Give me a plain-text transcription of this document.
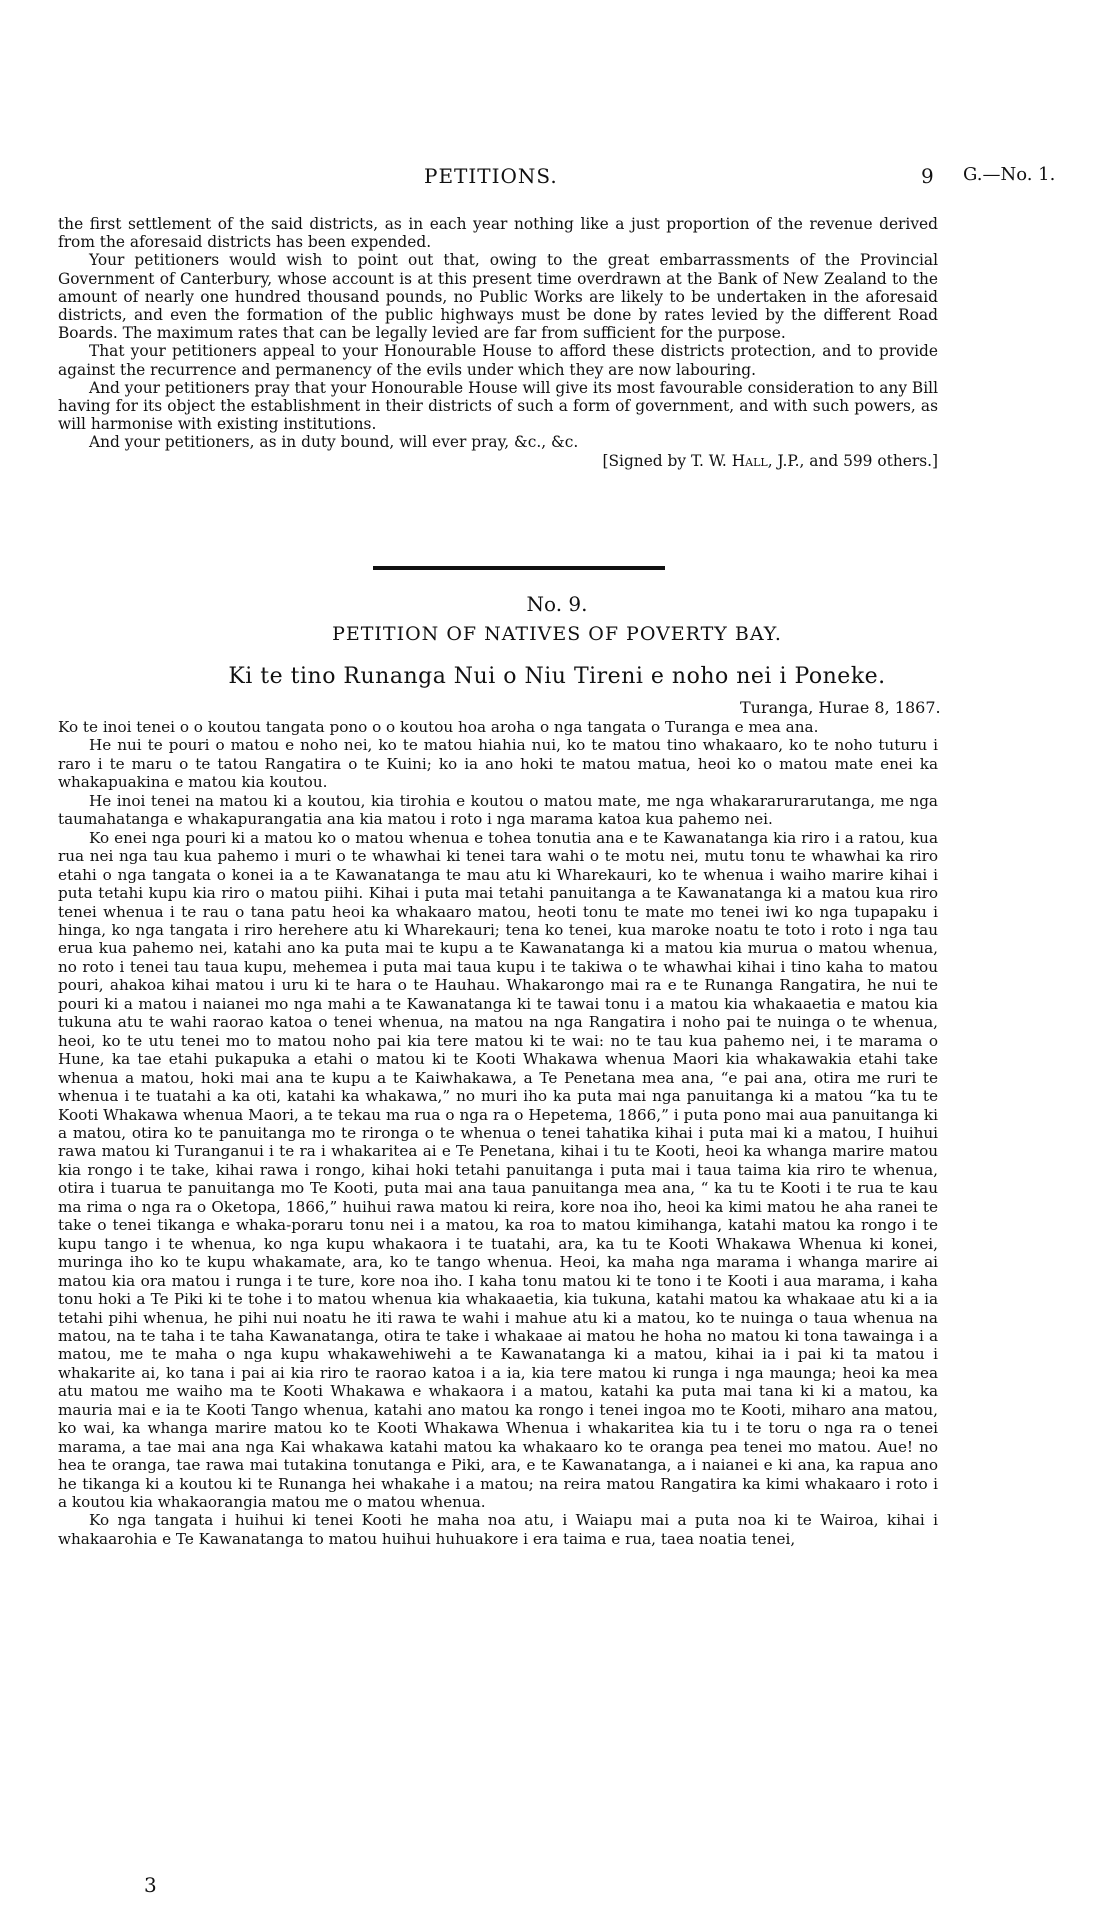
PETITIONS.	9 G.—No. 1.

the first settlement of the said districts, as in each year nothing like a just proportion of the revenue derived from the aforesaid districts has been expended.

Your petitioners would wish to point out that, owing to the great embarrassments of the Provincial Government of Canterbury, whose account is at this present time overdrawn at the Bank of New Zealand to the amount of nearly one hundred thousand pounds, no Public Works are likely to be undertaken in the aforesaid districts, and even the formation of the public highways must be done by rates levied by the different Road Boards. The maximum rates that can be legally levied are far from sufficient for the purpose.

That your petitioners appeal to your Honourable House to afford these districts protection, and to provide against the recurrence and permanency of the evils under which they are now labouring.

And your petitioners pray that your Honourable House will give its most favourable consideration to any Bill having for its object the establishment in their districts of such a form of government, and with such powers, as will harmonise with existing institutions.

And your petitioners, as in duty bound, will ever pray, &c., &c.

[Signed by T. W. Hall, J.P., and 599 others.]
No. 9.
PETITION OF NATIVES OF POVERTY BAY.
Ki te tino Runanga Nui o Niu Tireni e noho nei i Poneke.
Turanga, Hurae 8, 1867.

Ko te inoi tenei o o koutou tangata pono o o koutou hoa aroha o nga tangata o Turanga e mea ana.

He nui te pouri o matou e noho nei, ko te matou hiahia nui, ko te matou tino whakaaro, ko te noho tuturu i raro i te maru o te tatou Rangatira o te Kuini; ko ia ano hoki te matou matua, heoi ko o matou mate enei ka whakapuakina e matou kia koutou.

He inoi tenei na matou ki a koutou, kia tirohia e koutou o matou mate, me nga whakararurarutanga, me nga taumahatanga e whakapurangatia ana kia matou i roto i nga marama katoa kua pahemo nei.

Ko enei nga pouri ki a matou ko o matou whenua e tohea tonutia ana e te Kawanatanga kia riro i a ratou, kua rua nei nga tau kua pahemo i muri o te whawhai ki tenei tara wahi o te motu nei, mutu tonu te whawhai ka riro etahi o nga tangata o konei ia a te Kawanatanga te mau atu ki Wharekauri, ko te whenua i waiho marire kihai i puta tetahi kupu kia riro o matou piihi. Kihai i puta mai tetahi panuitanga a te Kawanatanga ki a matou kua riro tenei whenua i te rau o tana patu heoi ka whakaaro matou, heoti tonu te mate mo tenei iwi ko nga tupapaku i hinga, ko nga tangata i riro herehere atu ki Wharekauri; tena ko tenei, kua maroke noatu te toto i roto i nga tau erua kua pahemo nei, katahi ano ka puta mai te kupu a te Kawanatanga ki a matou kia murua o matou whenua, no roto i tenei tau taua kupu, mehemea i puta mai taua kupu i te takiwa o te whawhai kihai i tino kaha to matou pouri, ahakoa kihai matou i uru ki te hara o te Hauhau. Whakarongo mai ra e te Runanga Rangatira, he nui te pouri ki a matou i naianei mo nga mahi a te Kawanatanga ki te tawai tonu i a matou kia whakaaetia e matou kia tukuna atu te wahi raorao katoa o tenei whenua, na matou na nga Rangatira i noho pai te nuinga o te whenua, heoi, ko te utu tenei mo to matou noho pai kia tere matou ki te wai: no te tau kua pahemo nei, i te marama o Hune, ka tae etahi pukapuka a etahi o matou ki te Kooti Whakawa whenua Maori kia whakawakia etahi take whenua a matou, hoki mai ana te kupu a te Kaiwhakawa, a Te Penetana mea ana, “e pai ana, otira me ruri te whenua i te tuatahi a ka oti, katahi ka whakawa,” no muri iho ka puta mai nga panuitanga ki a matou “ka tu te Kooti Whakawa whenua Maori, a te tekau ma rua o nga ra o Hepetema, 1866,” i puta pono mai aua panuitanga ki a matou, otira ko te panuitanga mo te rironga o te whenua o tenei tahatika kihai i puta mai ki a matou, I huihui rawa matou ki Turanganui i te ra i whakaritea ai e Te Penetana, kihai i tu te Kooti, heoi ka whanga marire matou kia rongo i te take, kihai rawa i rongo, kihai hoki tetahi panuitanga i puta mai i taua taima kia riro te whenua, otira i tuarua te panuitanga mo Te Kooti, puta mai ana taua panuitanga mea ana, “ ka tu te Kooti i te rua te kau ma rima o nga ra o Oketopa, 1866,” huihui rawa matou ki reira, kore noa iho, heoi ka kimi matou he aha ranei te take o tenei tikanga e whaka-poraru tonu nei i a matou, ka roa to matou kimihanga, katahi matou ka rongo i te kupu tango i te whenua, ko nga kupu whakaora i te tuatahi, ara, ka tu te Kooti Whakawa Whenua ki konei, muringa iho ko te kupu whakamate, ara, ko te tango whenua. Heoi, ka maha nga marama i whanga marire ai matou kia ora matou i runga i te ture, kore noa iho. I kaha tonu matou ki te tono i te Kooti i aua marama, i kaha tonu hoki a Te Piki ki te tohe i to matou whenua kia whakaaetia, kia tukuna, katahi matou ka whakaae atu ki a ia tetahi pihi whenua, he pihi nui noatu he iti rawa te wahi i mahue atu ki a matou, ko te nuinga o taua whenua na matou, na te taha i te taha Kawanatanga, otira te take i whakaae ai matou he hoha no matou ki tona tawainga i a matou, me te maha o nga kupu whakawehiwehi a te Kawanatanga ki a matou, kihai ia i pai ki ta matou i whakarite ai, ko tana i pai ai kia riro te raorao katoa i a ia, kia tere matou ki runga i nga maunga; heoi ka mea atu matou me waiho ma te Kooti Whakawa e whakaora i a matou, katahi ka puta mai tana ki ki a matou, ka mauria mai e ia te Kooti Tango whenua, katahi ano matou ka rongo i tenei ingoa mo te Kooti, miharo ana matou, ko wai, ka whanga marire matou ko te Kooti Whakawa Whenua i whakaritea kia tu i te toru o nga ra o tenei marama, a tae mai ana nga Kai whakawa katahi matou ka whakaaro ko te oranga pea tenei mo matou. Aue! no hea te oranga, tae rawa mai tutakina tonutanga e Piki, ara, e te Kawanatanga, a i naianei e ki ana, ka rapua ano he tikanga ki a koutou ki te Runanga hei whakahe i a matou; na reira matou Rangatira ka kimi whakaaro i roto i a koutou kia whakaorangia matou me o matou whenua.

Ko nga tangata i huihui ki tenei Kooti he maha noa atu, i Waiapu mai a puta noa ki te Wairoa, kihai i whakaarohia e Te Kawanatanga to matou huihui huhuakore i era taima e rua, taea noatia tenei,

3
